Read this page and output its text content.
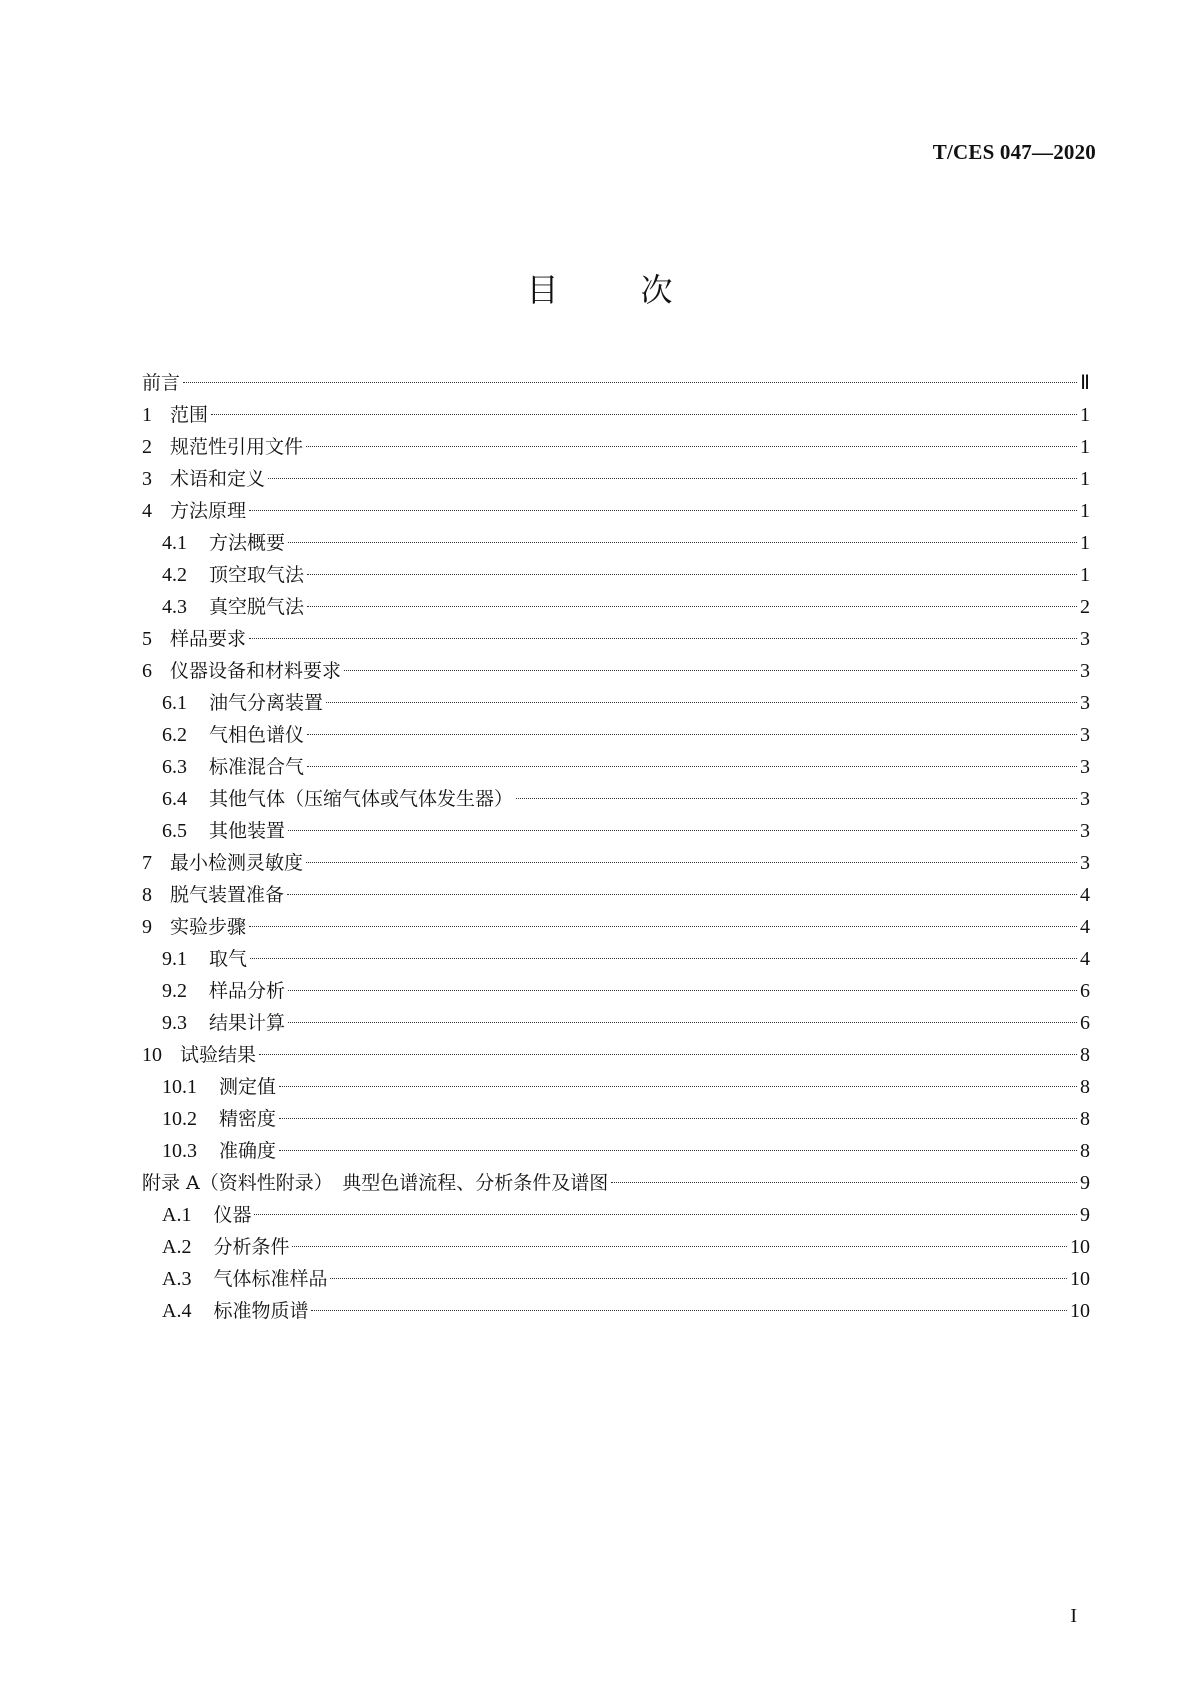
T/CES 047—2020
目	次
前言	Ⅱ
1 范围	1
2 规范性引用文件	1
3 术语和定义	1
4 方法原理	1
4.1 方法概要	1
4.2 顶空取气法	1
4.3 真空脱气法	2
5 样品要求	3
6 仪器设备和材料要求	3
6.1 油气分离装置	3
6.2 气相色谱仪	3
6.3 标准混合气	3
6.4 其他气体（压缩气体或气体发生器）	3
6.5 其他装置	3
7 最小检测灵敏度	3
8 脱气装置准备	4
9 实验步骤	4
9.1 取气	4
9.2 样品分析	6
9.3 结果计算	6
10 试验结果	8
10.1 测定值	8
10.2 精密度	8
10.3 准确度	8
附录 A（资料性附录）　典型色谱流程、分析条件及谱图	9
A.1 仪器	9
A.2 分析条件	10
A.3 气体标准样品	10
A.4 标准物质谱	10
I
